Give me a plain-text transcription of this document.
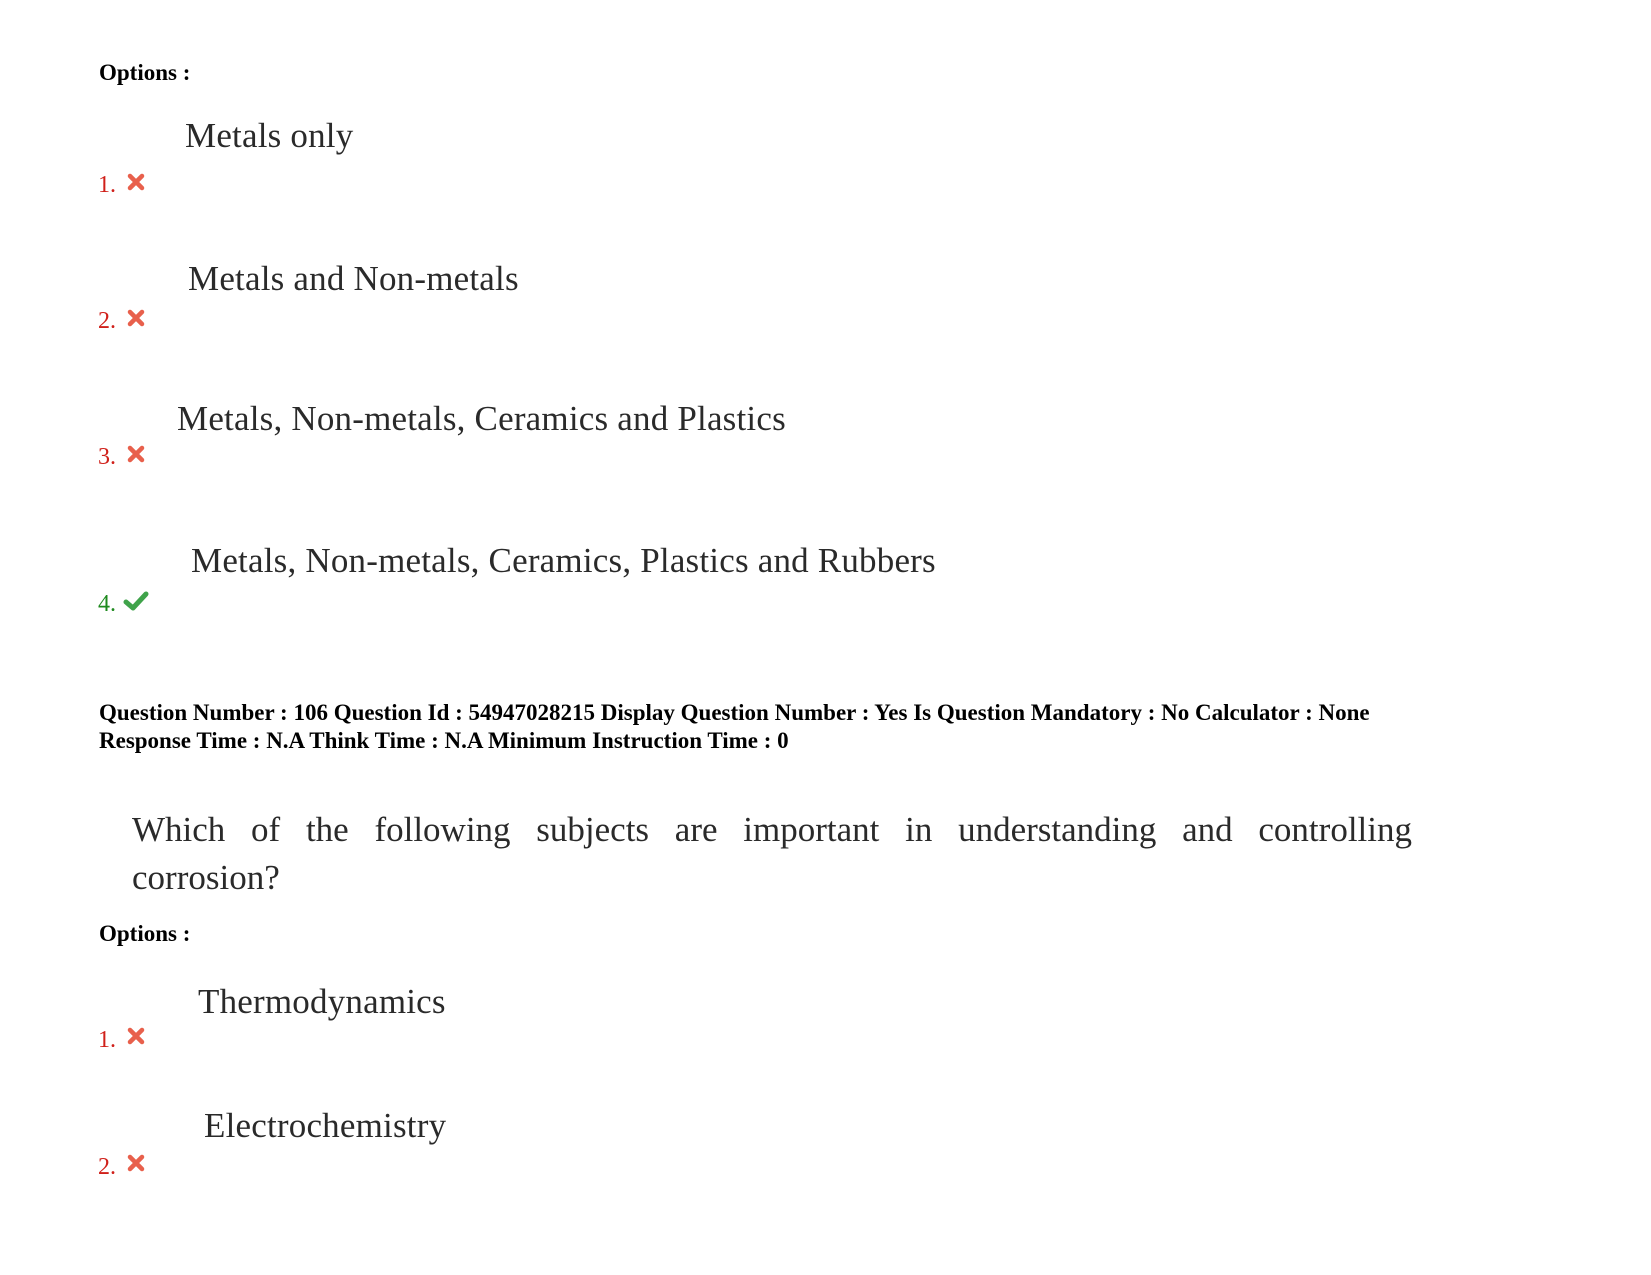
Options :
Metals only
1.
Metals and Non-metals
2.
Metals, Non-metals, Ceramics and Plastics
3.
Metals, Non-metals, Ceramics, Plastics and Rubbers
4.
Question Number : 106 Question Id : 54947028215 Display Question Number : Yes Is Question Mandatory : No Calculator : None
Response Time : N.A Think Time : N.A Minimum Instruction Time : 0
Which of the following subjects are important in understanding and controlling corrosion?
Options :
Thermodynamics
1.
Electrochemistry
2.
